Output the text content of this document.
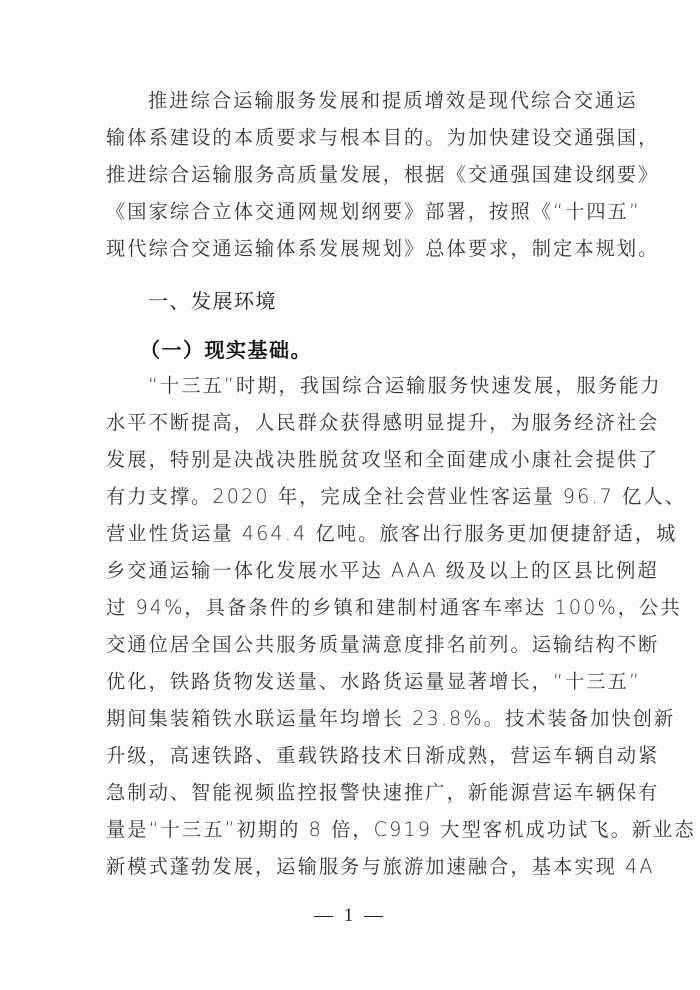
推进综合运输服务发展和提质增效是现代综合交通运
输体系建设的本质要求与根本目的。为加快建设交通强国，
推进综合运输服务高质量发展，根据《交通强国建设纲要》
《国家综合立体交通网规划纲要》部署，按照《“十四五”
现代综合交通运输体系发展规划》总体要求，制定本规划。
一、发展环境
（一）现实基础。
“十三五”时期，我国综合运输服务快速发展，服务能力
水平不断提高，人民群众获得感明显提升，为服务经济社会
发展，特别是决战决胜脱贫攻坚和全面建成小康社会提供了
有力支撑。2020 年，完成全社会营业性客运量 96.7 亿人、
营业性货运量 464.4 亿吨。旅客出行服务更加便捷舒适，城
乡交通运输一体化发展水平达 AAA 级及以上的区县比例超
过 94%，具备条件的乡镇和建制村通客车率达 100%，公共
交通位居全国公共服务质量满意度排名前列。运输结构不断
优化，铁路货物发送量、水路货运量显著增长，“十三五”
期间集装箱铁水联运量年均增长 23.8%。技术装备加快创新
升级，高速铁路、重载铁路技术日渐成熟，营运车辆自动紧
急制动、智能视频监控报警快速推广，新能源营运车辆保有
量是“十三五”初期的 8 倍，C919 大型客机成功试飞。新业态
新模式蓬勃发展，运输服务与旅游加速融合，基本实现 4A
— 1 —
